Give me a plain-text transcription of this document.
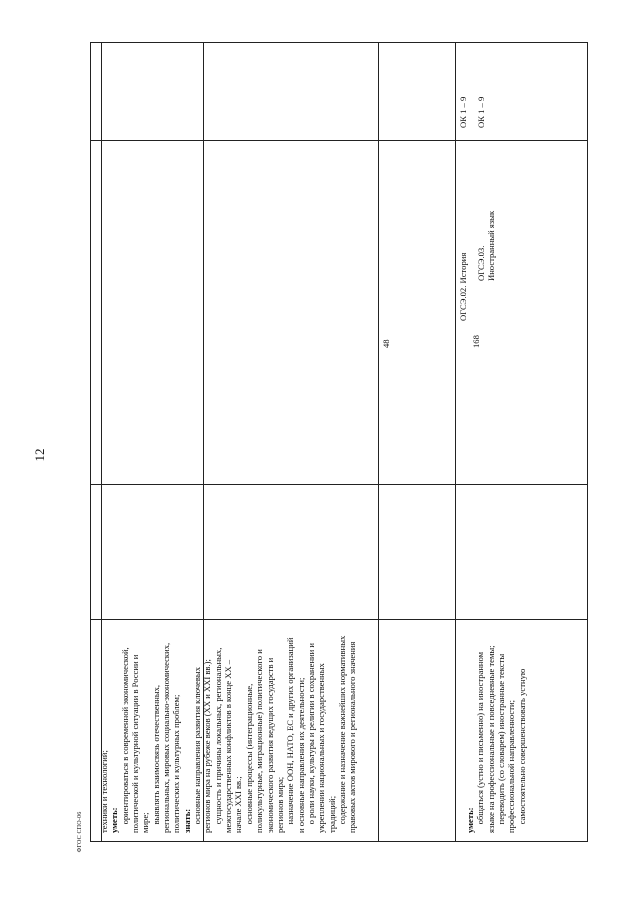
12
ФГОС СПО-06 техники и технологий; уметь: ориентироваться в современной экономической, политической и культурной ситуации в России и мире; выявлять взаимосвязь отечественных, региональных, мировых социально-экономических, политических и культурных проблем; знать: основные направления развития ключевых регионов мира на рубеже веков (XX и XXI вв.); сущность и причины локальных, региональных, межгосударственных конфликтов в конце XX – начале XXI вв.; основные процессы (интеграционные, поликультурные, миграционные) политического и экономического развития ведущих государств и регионов мира; назначение ООН, НАТО, ЕС и других организаций и основные направления их деятельности; о роли науки, культуры и религии в сохранении и укреплении национальных и государственных традиций; содержание и назначение важнейших нормативных правовых актов мирового и регионального значения
48
ОГСЭ.02. История
ОК 1 – 9
уметь: общаться (устно и письменно) на иностранном языке на профессиональные и повседневные темы; переводить (со словарем) иностранные тексты профессиональной направленности; самостоятельно совершенствовать устную
168
ОГСЭ.03. Иностранный язык
ОК 1 – 9
